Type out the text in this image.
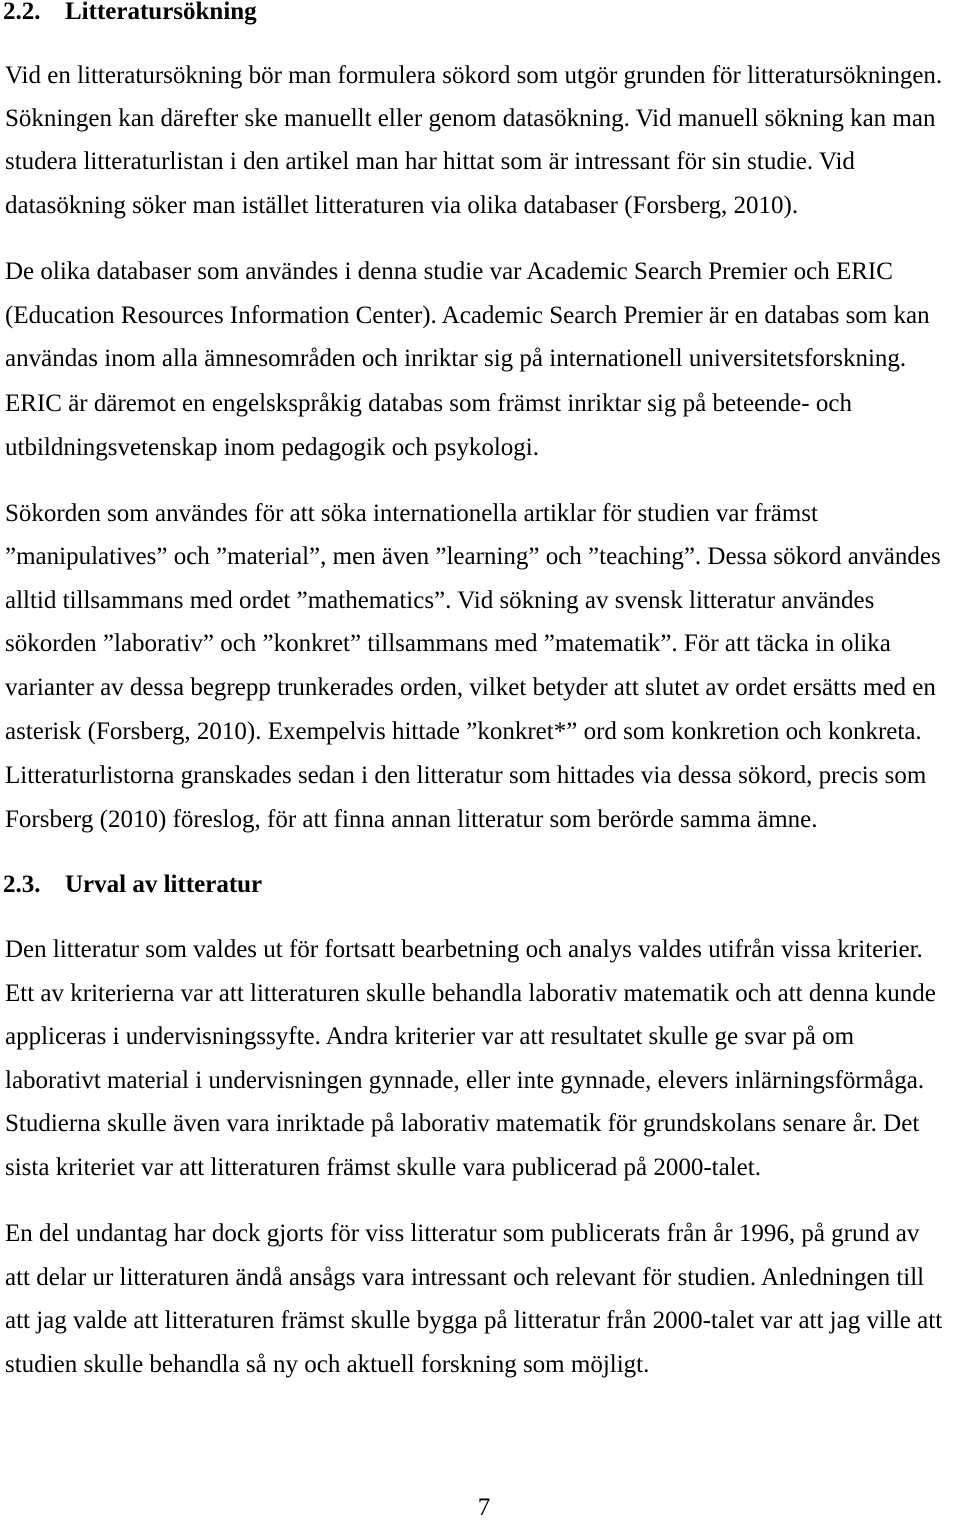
2.2. Litteratursökning
Vid en litteratursökning bör man formulera sökord som utgör grunden för litteratursökningen.
Sökningen kan därefter ske manuellt eller genom datasökning. Vid manuell sökning kan man
studera litteraturlistan i den artikel man har hittat som är intressant för sin studie. Vid
datasökning söker man istället litteraturen via olika databaser (Forsberg, 2010).
De olika databaser som användes i denna studie var Academic Search Premier och ERIC
(Education Resources Information Center). Academic Search Premier är en databas som kan
användas inom alla ämnesområden och inriktar sig på internationell universitetsforskning.
ERIC är däremot en engelskspråkig databas som främst inriktar sig på beteende- och
utbildningsvetenskap inom pedagogik och psykologi.
Sökorden som användes för att söka internationella artiklar för studien var främst
”manipulatives” och ”material”, men även ”learning” och ”teaching”. Dessa sökord användes
alltid tillsammans med ordet ”mathematics”. Vid sökning av svensk litteratur användes
sökorden ”laborativ” och ”konkret” tillsammans med ”matematik”. För att täcka in olika
varianter av dessa begrepp trunkerades orden, vilket betyder att slutet av ordet ersätts med en
asterisk (Forsberg, 2010). Exempelvis hittade ”konkret*” ord som konkretion och konkreta.
Litteraturlistorna granskades sedan i den litteratur som hittades via dessa sökord, precis som
Forsberg (2010) föreslog, för att finna annan litteratur som berörde samma ämne.
2.3. Urval av litteratur
Den litteratur som valdes ut för fortsatt bearbetning och analys valdes utifrån vissa kriterier.
Ett av kriterierna var att litteraturen skulle behandla laborativ matematik och att denna kunde
appliceras i undervisningssyfte. Andra kriterier var att resultatet skulle ge svar på om
laborativt material i undervisningen gynnade, eller inte gynnade, elevers inlärningsförmåga.
Studierna skulle även vara inriktade på laborativ matematik för grundskolans senare år. Det
sista kriteriet var att litteraturen främst skulle vara publicerad på 2000-talet.
En del undantag har dock gjorts för viss litteratur som publicerats från år 1996, på grund av
att delar ur litteraturen ändå ansågs vara intressant och relevant för studien. Anledningen till
att jag valde att litteraturen främst skulle bygga på litteratur från 2000-talet var att jag ville att
studien skulle behandla så ny och aktuell forskning som möjligt.
7
